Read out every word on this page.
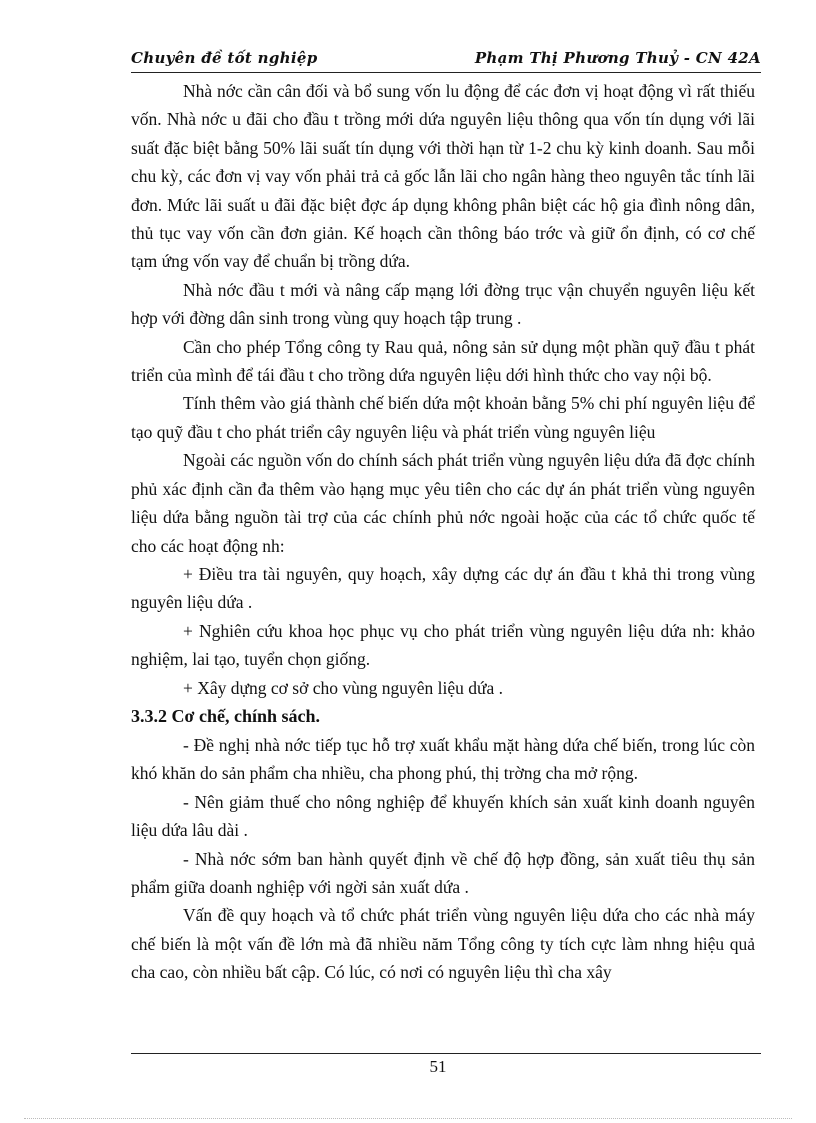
Chuyên đề tốt nghiệp	Phạm Thị Phương Thuỷ - CN 42A

Nhà nớc cần cân đối và bổ sung vốn lu động để các đơn vị hoạt động vì rất thiếu vốn. Nhà nớc u đãi cho đầu t trồng mới dứa nguyên liệu thông qua vốn tín dụng với lãi suất đặc biệt bằng 50% lãi suất tín dụng với thời hạn từ 1-2 chu kỳ kinh doanh. Sau mỗi chu kỳ, các đơn vị vay vốn phải trả cả gốc lẫn lãi cho ngân hàng theo nguyên tắc tính lãi đơn. Mức lãi suất u đãi đặc biệt đợc áp dụng không phân biệt các hộ gia đình nông dân, thủ tục vay vốn cần đơn giản. Kế hoạch cần thông báo trớc và giữ ổn định, có cơ chế tạm ứng vốn vay để chuẩn bị trồng dứa.

Nhà nớc đầu t mới và nâng cấp mạng lới đờng trục vận chuyển nguyên liệu kết hợp với đờng dân sinh trong vùng quy hoạch tập trung .

Cần cho phép Tổng công ty Rau quả, nông sản sử dụng một phần quỹ đầu t phát triển của mình để tái đầu t cho trồng dứa nguyên liệu dới hình thức cho vay nội bộ.

Tính thêm vào giá thành chế biến dứa một khoản bằng 5% chi phí nguyên liệu để tạo quỹ đầu t cho phát triển cây nguyên liệu và phát triển vùng nguyên liệu

Ngoài các nguồn vốn do chính sách phát triển vùng nguyên liệu dứa đã đợc chính phủ xác định cần đa thêm vào hạng mục yêu tiên cho các dự án phát triển vùng nguyên liệu dứa bằng nguồn tài trợ của các chính phủ nớc ngoài hoặc của các tổ chức quốc tế cho các hoạt động nh:

+ Điều tra tài nguyên, quy hoạch, xây dựng các dự án đầu t khả thi trong vùng nguyên liệu dứa .

+ Nghiên cứu khoa học phục vụ cho phát triển vùng nguyên liệu dứa nh: khảo nghiệm, lai tạo, tuyển chọn giống.

+ Xây dựng cơ sở cho vùng nguyên liệu dứa .

3.3.2 Cơ chế, chính sách.

- Đề nghị nhà nớc tiếp tục hỗ trợ xuất khẩu mặt hàng dứa chế biến, trong lúc còn khó khăn do sản phẩm cha nhiều, cha phong phú, thị trờng cha mở rộng.

- Nên giảm thuế cho nông nghiệp để khuyến khích sản xuất kinh doanh nguyên liệu dứa lâu dài .

- Nhà nớc sớm ban hành quyết định về chế độ hợp đồng, sản xuất tiêu thụ sản phẩm giữa doanh nghiệp với ngời sản xuất dứa .

Vấn đề quy hoạch và tổ chức phát triển vùng nguyên liệu dứa cho các nhà máy chế biến là một vấn đề lớn mà đã nhiều năm Tổng công ty tích cực làm nhng hiệu quả cha cao, còn nhiều bất cập. Có lúc, có nơi có nguyên liệu thì cha xây

51
